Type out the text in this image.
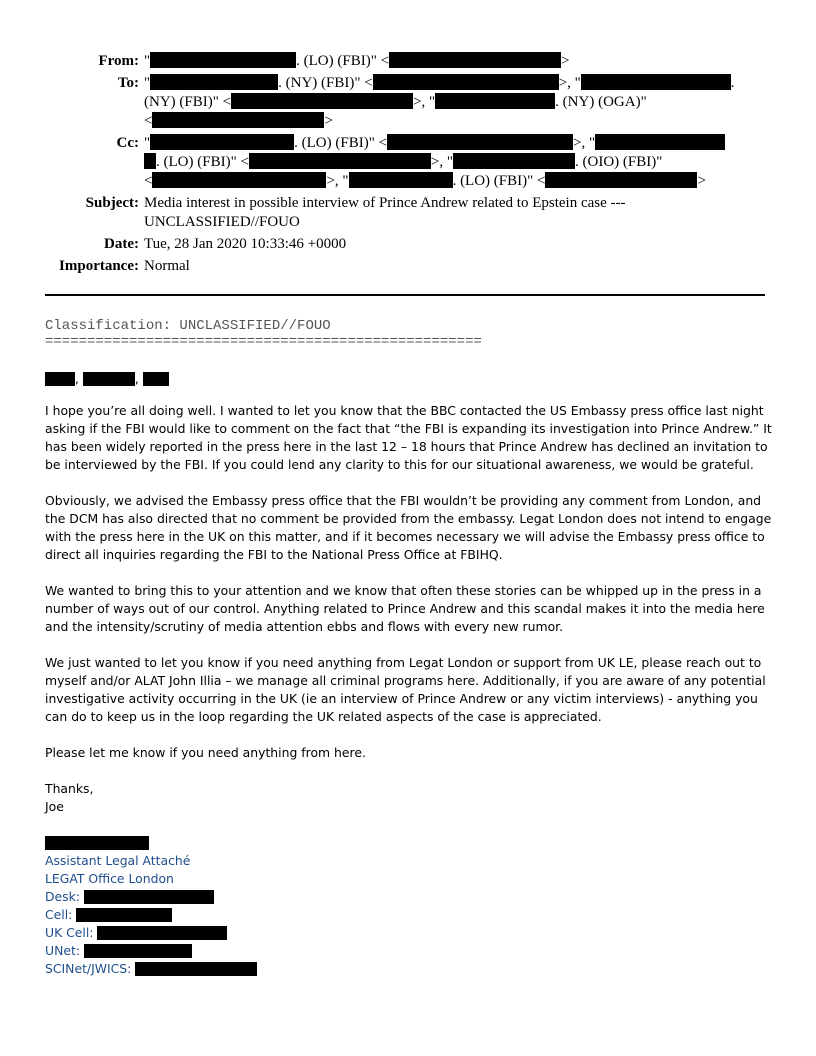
From: "	. (LO) (FBI)" <	>
To: "	. (NY) (FBI)" <	>, "	.
(NY) (FBI)" <	>, "	. (NY) (OGA)"
<	>
Cc: "	. (LO) (FBI)" <	>, "
. (LO) (FBI)" <	>, "	. (OIO) (FBI)"
<	>, "	. (LO) (FBI)" <	>
Subject: Media interest in possible interview of Prince Andrew related to Epstein case --- UNCLASSIFIED//FOUO
Date: Tue, 28 Jan 2020 10:33:46 +0000
Importance: Normal
Classification: UNCLASSIFIED//FOUO
====================================================

,	,

I hope you’re all doing well. I wanted to let you know that the BBC contacted the US Embassy press office last night asking if the FBI would like to comment on the fact that “the FBI is expanding its investigation into Prince Andrew.” It has been widely reported in the press here in the last 12 – 18 hours that Prince Andrew has declined an invitation to be interviewed by the FBI. If you could lend any clarity to this for our situational awareness, we would be grateful.

Obviously, we advised the Embassy press office that the FBI wouldn’t be providing any comment from London, and the DCM has also directed that no comment be provided from the embassy. Legat London does not intend to engage with the press here in the UK on this matter, and if it becomes necessary we will advise the Embassy press office to direct all inquiries regarding the FBI to the National Press Office at FBIHQ.

We wanted to bring this to your attention and we know that often these stories can be whipped up in the press in a number of ways out of our control. Anything related to Prince Andrew and this scandal makes it into the media here and the intensity/scrutiny of media attention ebbs and flows with every new rumor.

We just wanted to let you know if you need anything from Legat London or support from UK LE, please reach out to myself and/or ALAT John Illia – we manage all criminal programs here. Additionally, if you are aware of any potential investigative activity occurring in the UK (ie an interview of Prince Andrew or any victim interviews) - anything you can do to keep us in the loop regarding the UK related aspects of the case is appreciated.

Please let me know if you need anything from here.

Thanks,
Joe

Assistant Legal Attaché
LEGAT Office London
Desk:
Cell:
UK Cell:
UNet:
SCINet/JWICS:
